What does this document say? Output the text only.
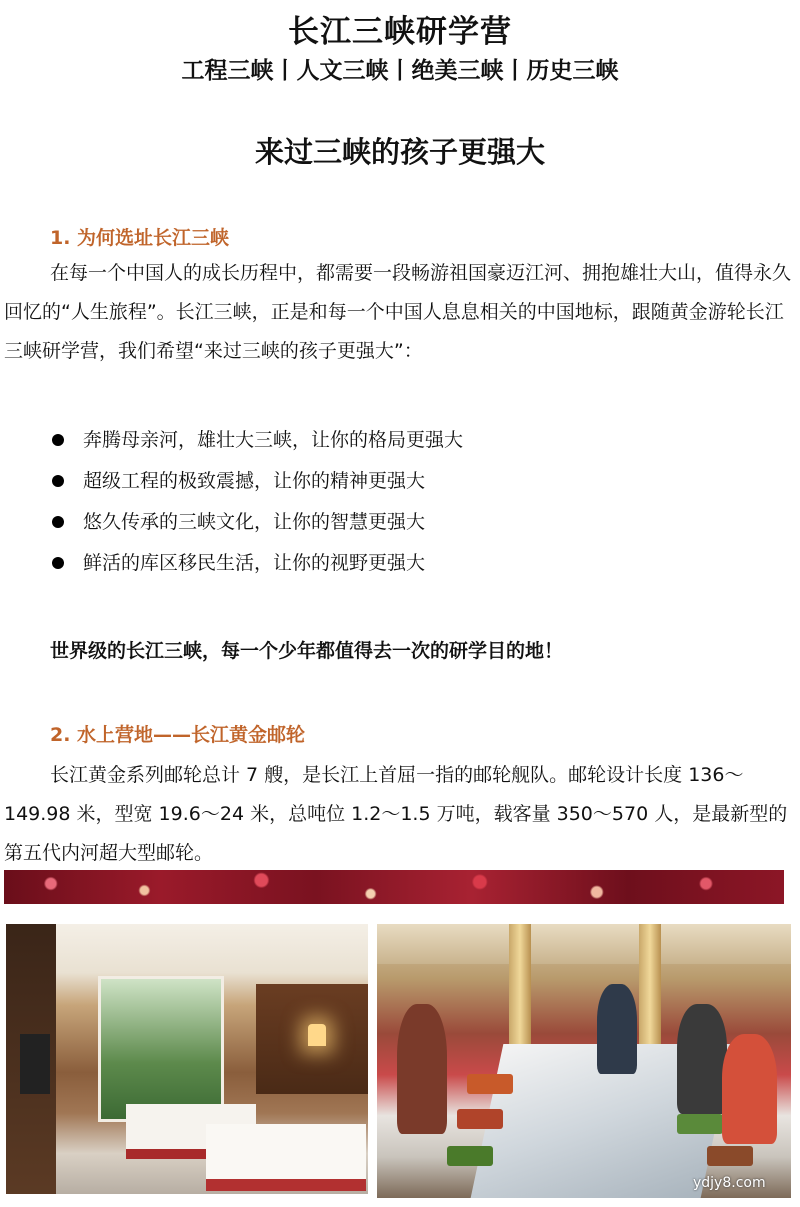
长江三峡研学营
工程三峡丨人文三峡丨绝美三峡丨历史三峡
来过三峡的孩子更强大
1. 为何选址长江三峡

在每一个中国人的成长历程中，都需要一段畅游祖国豪迈江河、拥抱雄壮大山，值得永久回忆的“人生旅程”。长江三峡，正是和每一个中国人息息相关的中国地标，跟随黄金游轮长江三峡研学营，我们希望“来过三峡的孩子更强大”：

奔腾母亲河，雄壮大三峡，让你的格局更强大
超级工程的极致震撼，让你的精神更强大
悠久传承的三峡文化，让你的智慧更强大
鲜活的库区移民生活，让你的视野更强大
世界级的长江三峡，每一个少年都值得去一次的研学目的地！
2. 水上营地——长江黄金邮轮

长江黄金系列邮轮总计 7 艘，是长江上首屈一指的邮轮舰队。邮轮设计长度 136～149.98 米，型宽 19.6～24 米，总吨位 1.2～1.5 万吨，载客量 350～570 人，是最新型的第五代内河超大型邮轮。

ydjy8.com
